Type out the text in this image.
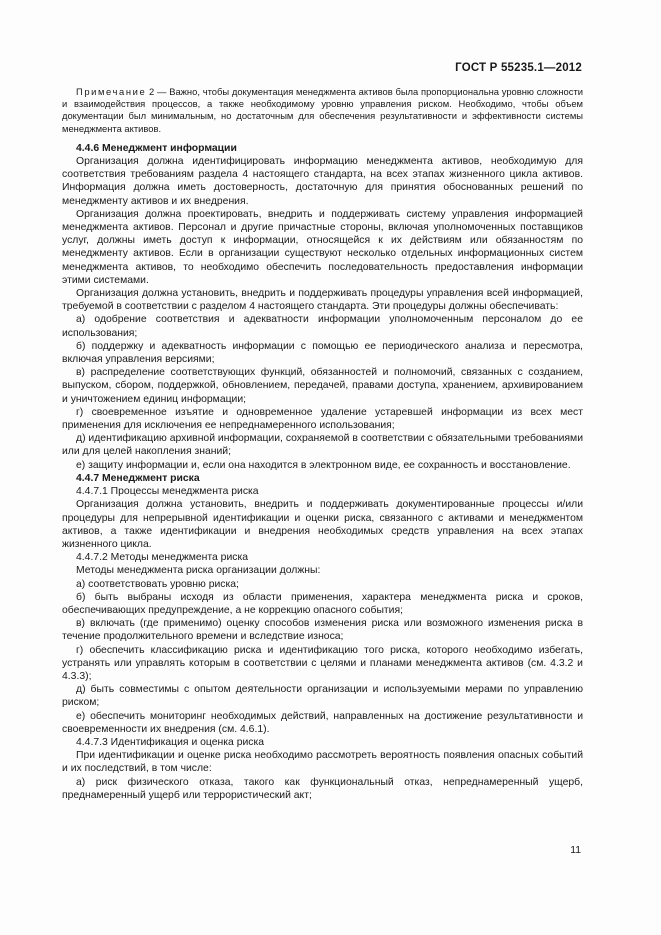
ГОСТ Р 55235.1—2012

Примечание 2 — Важно, чтобы документация менеджмента активов была пропорциональна уровню сложности и взаимодействия процессов, а также необходимому уровню управления риском. Необходимо, чтобы объем документации был минимальным, но достаточным для обеспечения результативности и эффективности системы менеджмента активов.

4.4.6 Менеджмент информации

Организация должна идентифицировать информацию менеджмента активов, необходимую для соответствия требованиям раздела 4 настоящего стандарта, на всех этапах жизненного цикла активов. Информация должна иметь достоверность, достаточную для принятия обоснованных решений по менеджменту активов и их внедрения.

Организация должна проектировать, внедрить и поддерживать систему управления информацией менеджмента активов. Персонал и другие причастные стороны, включая уполномоченных поставщиков услуг, должны иметь доступ к информации, относящейся к их действиям или обязанностям по менеджменту активов. Если в организации существуют несколько отдельных информационных систем менеджмента активов, то необходимо обеспечить последовательность предоставления информации этими системами.

Организация должна установить, внедрить и поддерживать процедуры управления всей информацией, требуемой в соответствии с разделом 4 настоящего стандарта. Эти процедуры должны обеспечивать:

а) одобрение соответствия и адекватности информации уполномоченным персоналом до ее использования;

б) поддержку и адекватность информации с помощью ее периодического анализа и пересмотра, включая управления версиями;

в) распределение соответствующих функций, обязанностей и полномочий, связанных с созданием, выпуском, сбором, поддержкой, обновлением, передачей, правами доступа, хранением, архивированием и уничтожением единиц информации;

г) своевременное изъятие и одновременное удаление устаревшей информации из всех мест применения для исключения ее непреднамеренного использования;

д) идентификацию архивной информации, сохраняемой в соответствии с обязательными требованиями или для целей накопления знаний;

е) защиту информации и, если она находится в электронном виде, ее сохранность и восстановление.

4.4.7 Менеджмент риска

4.4.7.1 Процессы менеджмента риска

Организация должна установить, внедрить и поддерживать документированные процессы и/или процедуры для непрерывной идентификации и оценки риска, связанного с активами и менеджментом активов, а также идентификации и внедрения необходимых средств управления на всех этапах жизненного цикла.

4.4.7.2 Методы менеджмента риска

Методы менеджмента риска организации должны:

а) соответствовать уровню риска;

б) быть выбраны исходя из области применения, характера менеджмента риска и сроков, обеспечивающих предупреждение, а не коррекцию опасного события;

в) включать (где применимо) оценку способов изменения риска или возможного изменения риска в течение продолжительного времени и вследствие износа;

г) обеспечить классификацию риска и идентификацию того риска, которого необходимо избегать, устранять или управлять которым в соответствии с целями и планами менеджмента активов (см. 4.3.2 и 4.3.3);

д) быть совместимы с опытом деятельности организации и используемыми мерами по управлению риском;

е) обеспечить мониторинг необходимых действий, направленных на достижение результативности и своевременности их внедрения (см. 4.6.1).

4.4.7.3 Идентификация и оценка риска

При идентификации и оценке риска необходимо рассмотреть вероятность появления опасных событий и их последствий, в том числе:

а) риск физического отказа, такого как функциональный отказ, непреднамеренный ущерб, преднамеренный ущерб или террористический акт;

11
